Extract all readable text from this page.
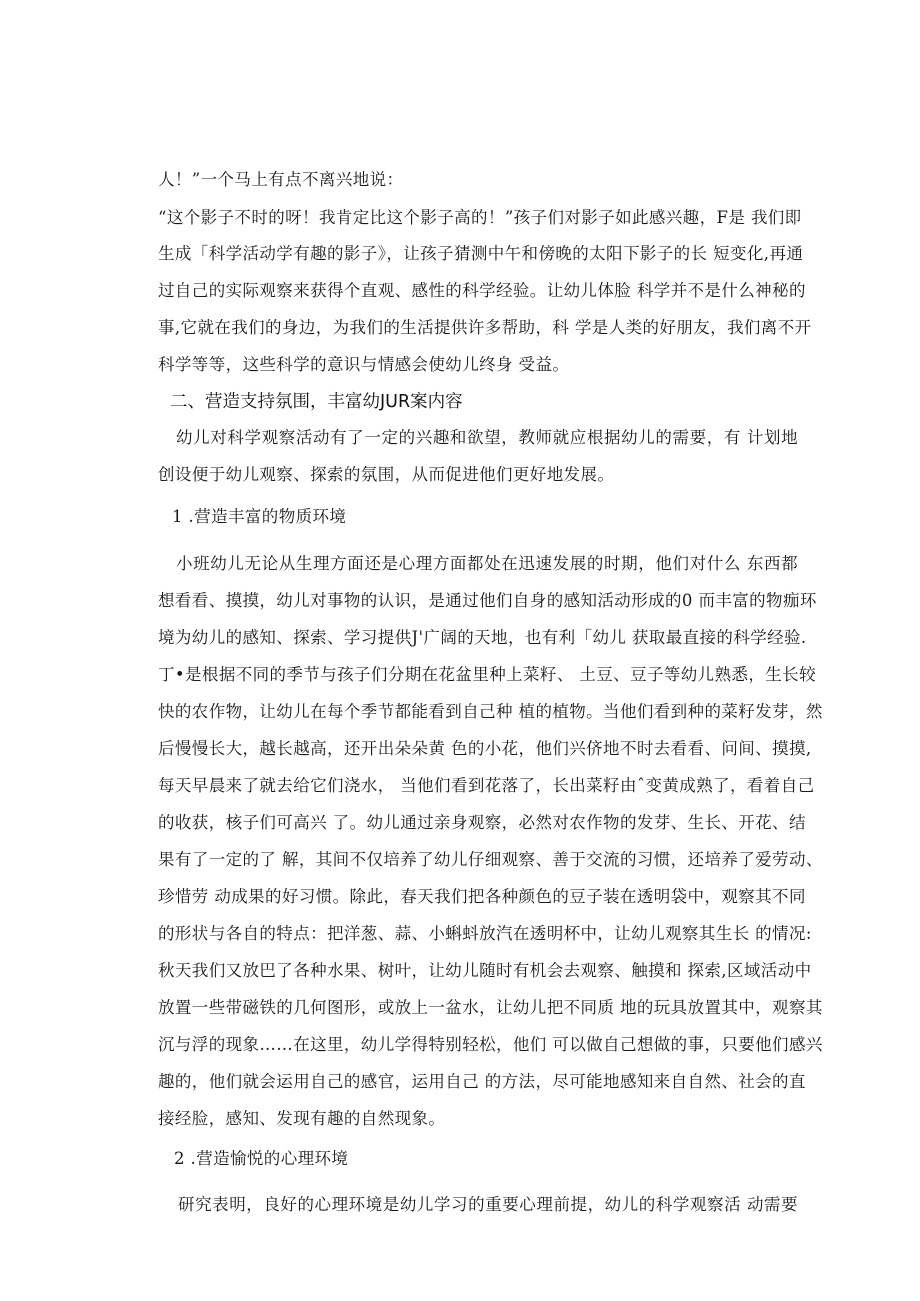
人！”一个马上有点不离兴地说：
“这个影子不时的呀！我肯定比这个影子高的！”孩子们对影子如此感兴趣，F是 我们即
生成「科学活动学有趣的影子》，让孩子猜测中午和傍晚的太阳下影子的长 短变化,再通
过自己的实际观察来获得个直观、感性的科学经验。让幼儿体脸 科学并不是什么神秘的
事,它就在我们的身边，为我们的生活提供许多帮助，科 学是人类的好朋友，我们离不开
科学等等，这些科学的意识与情感会使幼儿终身 受益。
二、营造支持氛围，丰富幼JUR案内容
幼儿对科学观察活动有了一定的兴趣和欲望，教师就应根据幼儿的需要，有 计划地
创设便于幼儿观察、探索的氛围，从而促进他们更好地发展。
1 .营造丰富的物质环境
小班幼儿无论从生理方面还是心理方面都处在迅速发展的时期，他们对什么 东西都
想看看、摸摸，幼儿对事物的认识，是通过他们自身的感知活动形成的0 而丰富的物痂环
境为幼儿的感知、探索、学习提供J'广阔的天地，也有利「幼儿 获取最直接的科学经验.
丁•是根据不同的季节与孩子们分期在花盆里种上菜籽、 土豆、豆子等幼儿熟悉，生长较
快的农作物，让幼儿在每个季节都能看到自己种 植的植物。当他们看到种的菜籽发芽，然
后慢慢长大，越长越高，还开出朵朵黄 色的小花，他们兴侪地不时去看看、问间、摸摸,
每天早晨来了就去给它们浇水， 当他们看到花落了，长出菜籽由ˆ变黄成熟了，看着自己
的收获，核子们可高兴 了。幼儿通过亲身观察，必然对农作物的发芽、生长、开花、结
果有了一定的了 解，其间不仅培养了幼儿仔细观察、善于交流的习惯，还培养了爱劳动、
珍惜劳 动成果的好习惯。除此，春天我们把各种颜色的豆子装在透明袋中，观察其不同
的形状与各自的特点：把洋葱、蒜、小蝌蚪放汽在透明杯中，让幼儿观察其生长 的情况:
秋天我们又放巴了各种水果、树叶，让幼儿随时有机会去观察、触摸和 探索,区域活动中
放置一些带磁铁的几何图形，或放上一盆水，让幼儿把不同质 地的玩具放置其中，观察其
沉与浮的现象……在这里，幼儿学得特别轻松，他们 可以做自己想做的事，只要他们感兴
趣的，他们就会运用自己的感官，运用自己 的方法，尽可能地感知来自自然、社会的直
接经脸，感知、发现有趣的自然现象。
2 .营造愉悦的心理环境
研究表明，良好的心理环境是幼儿学习的重要心理前提，幼儿的科学观察活 动需要
